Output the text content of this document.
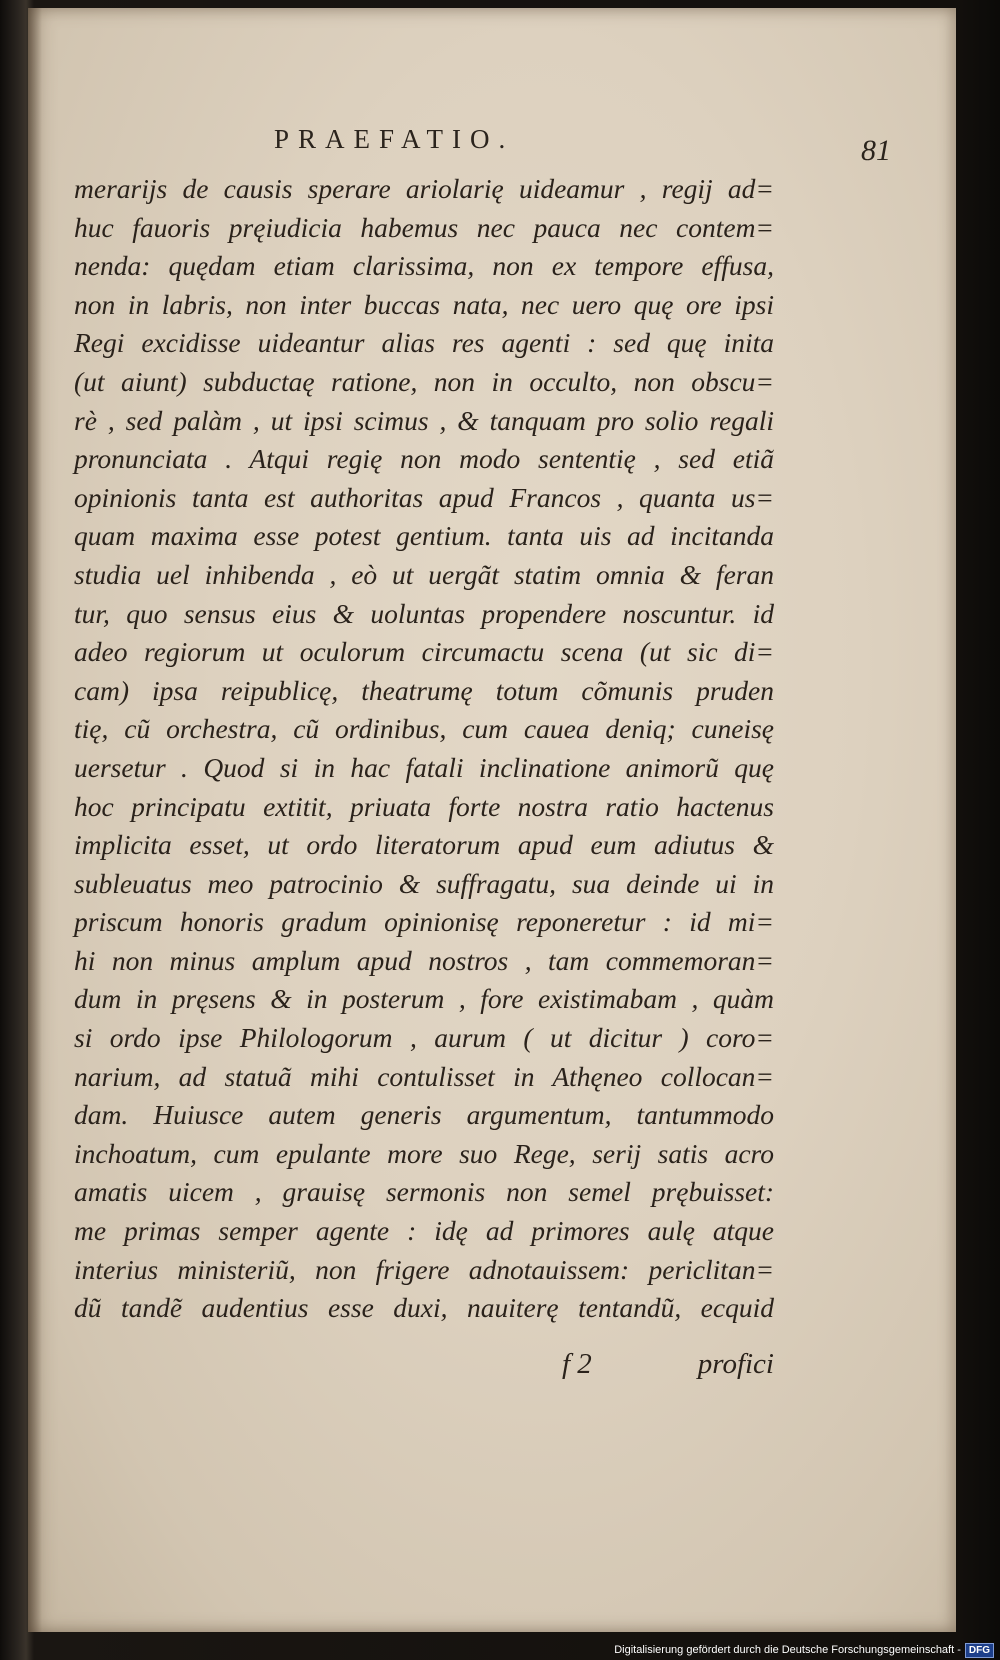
PRAEFATIO.	81
merarijs de causis sperare ariolarię uideamur , regij ad=
huc fauoris pręiudicia habemus nec pauca nec contem=
nenda: quędam etiam clarissima, non ex tempore effusa,
non in labris, non inter buccas nata, nec uero quę ore ipsi
Regi excidisse uideantur alias res agenti : sed quę inita
(ut aiunt) subductaę ratione, non in occulto, non obscu=
rè , sed palàm , ut ipsi scimus , & tanquam pro solio regali
pronunciata . Atqui regię non modo sententię , sed etiã
opinionis tanta est authoritas apud Francos , quanta us=
quam maxima esse potest gentium. tanta uis ad incitanda
studia uel inhibenda , eò ut uergãt statim omnia & feran
tur, quo sensus eius & uoluntas propendere noscuntur. id
adeo regiorum ut oculorum circumactu scena (ut sic di=
cam) ipsa reipublicę, theatrumę totum cõmunis pruden
tię, cũ orchestra, cũ ordinibus, cum cauea deniq; cuneisę
uersetur . Quod si in hac fatali inclinatione animorũ quę
hoc principatu extitit, priuata forte nostra ratio hactenus
implicita esset, ut ordo literatorum apud eum adiutus &
subleuatus meo patrocinio & suffragatu, sua deinde ui in
priscum honoris gradum opinionisę reponeretur : id mi=
hi non minus amplum apud nostros , tam commemoran=
dum in pręsens & in posterum , fore existimabam , quàm
si ordo ipse Philologorum , aurum ( ut dicitur ) coro=
narium, ad statuã mihi contulisset in Athęneo collocan=
dam. Huiusce autem generis argumentum, tantummodo
inchoatum, cum epulante more suo Rege, serij satis acro
amatis uicem , grauisę sermonis non semel prębuisset:
me primas semper agente : idę ad primores aulę atque
interius ministeriũ, non frigere adnotauissem: periclitan=
dũ tandẽ audentius esse duxi, nauiterę tentandũ, ecquid
f 2	profici
Digitalisierung gefördert durch die Deutsche Forschungsgemeinschaft - DFG
